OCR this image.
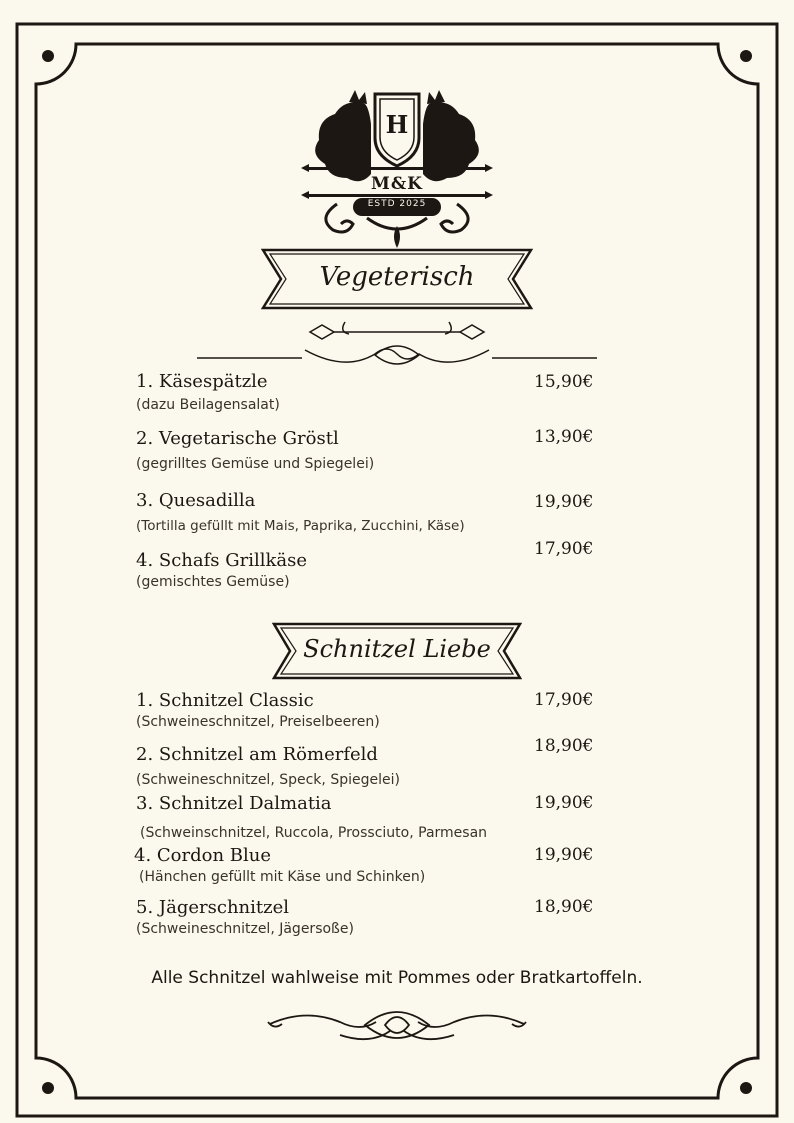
H
M&K
ESTD 2025
Vegeterisch
1. Käsespätzle
(dazu Beilagensalat)
15,90€
2. Vegetarische Gröstl
(gegrilltes Gemüse und Spiegelei)
13,90€
3. Quesadilla
(Tortilla gefüllt mit Mais, Paprika, Zucchini, Käse)
19,90€
4. Schafs Grillkäse
(gemischtes Gemüse)
17,90€
Schnitzel Liebe
1. Schnitzel Classic
(Schweineschnitzel, Preiselbeeren)
17,90€
2. Schnitzel am Römerfeld
(Schweineschnitzel, Speck, Spiegelei)
18,90€
3. Schnitzel Dalmatia
(Schweinschnitzel, Ruccola, Prossciuto, Parmesan
19,90€
4. Cordon Blue
(Hänchen gefüllt mit Käse und Schinken)
19,90€
5. Jägerschnitzel
(Schweineschnitzel, Jägersoße)
18,90€
Alle Schnitzel wahlweise mit Pommes oder Bratkartoffeln.
